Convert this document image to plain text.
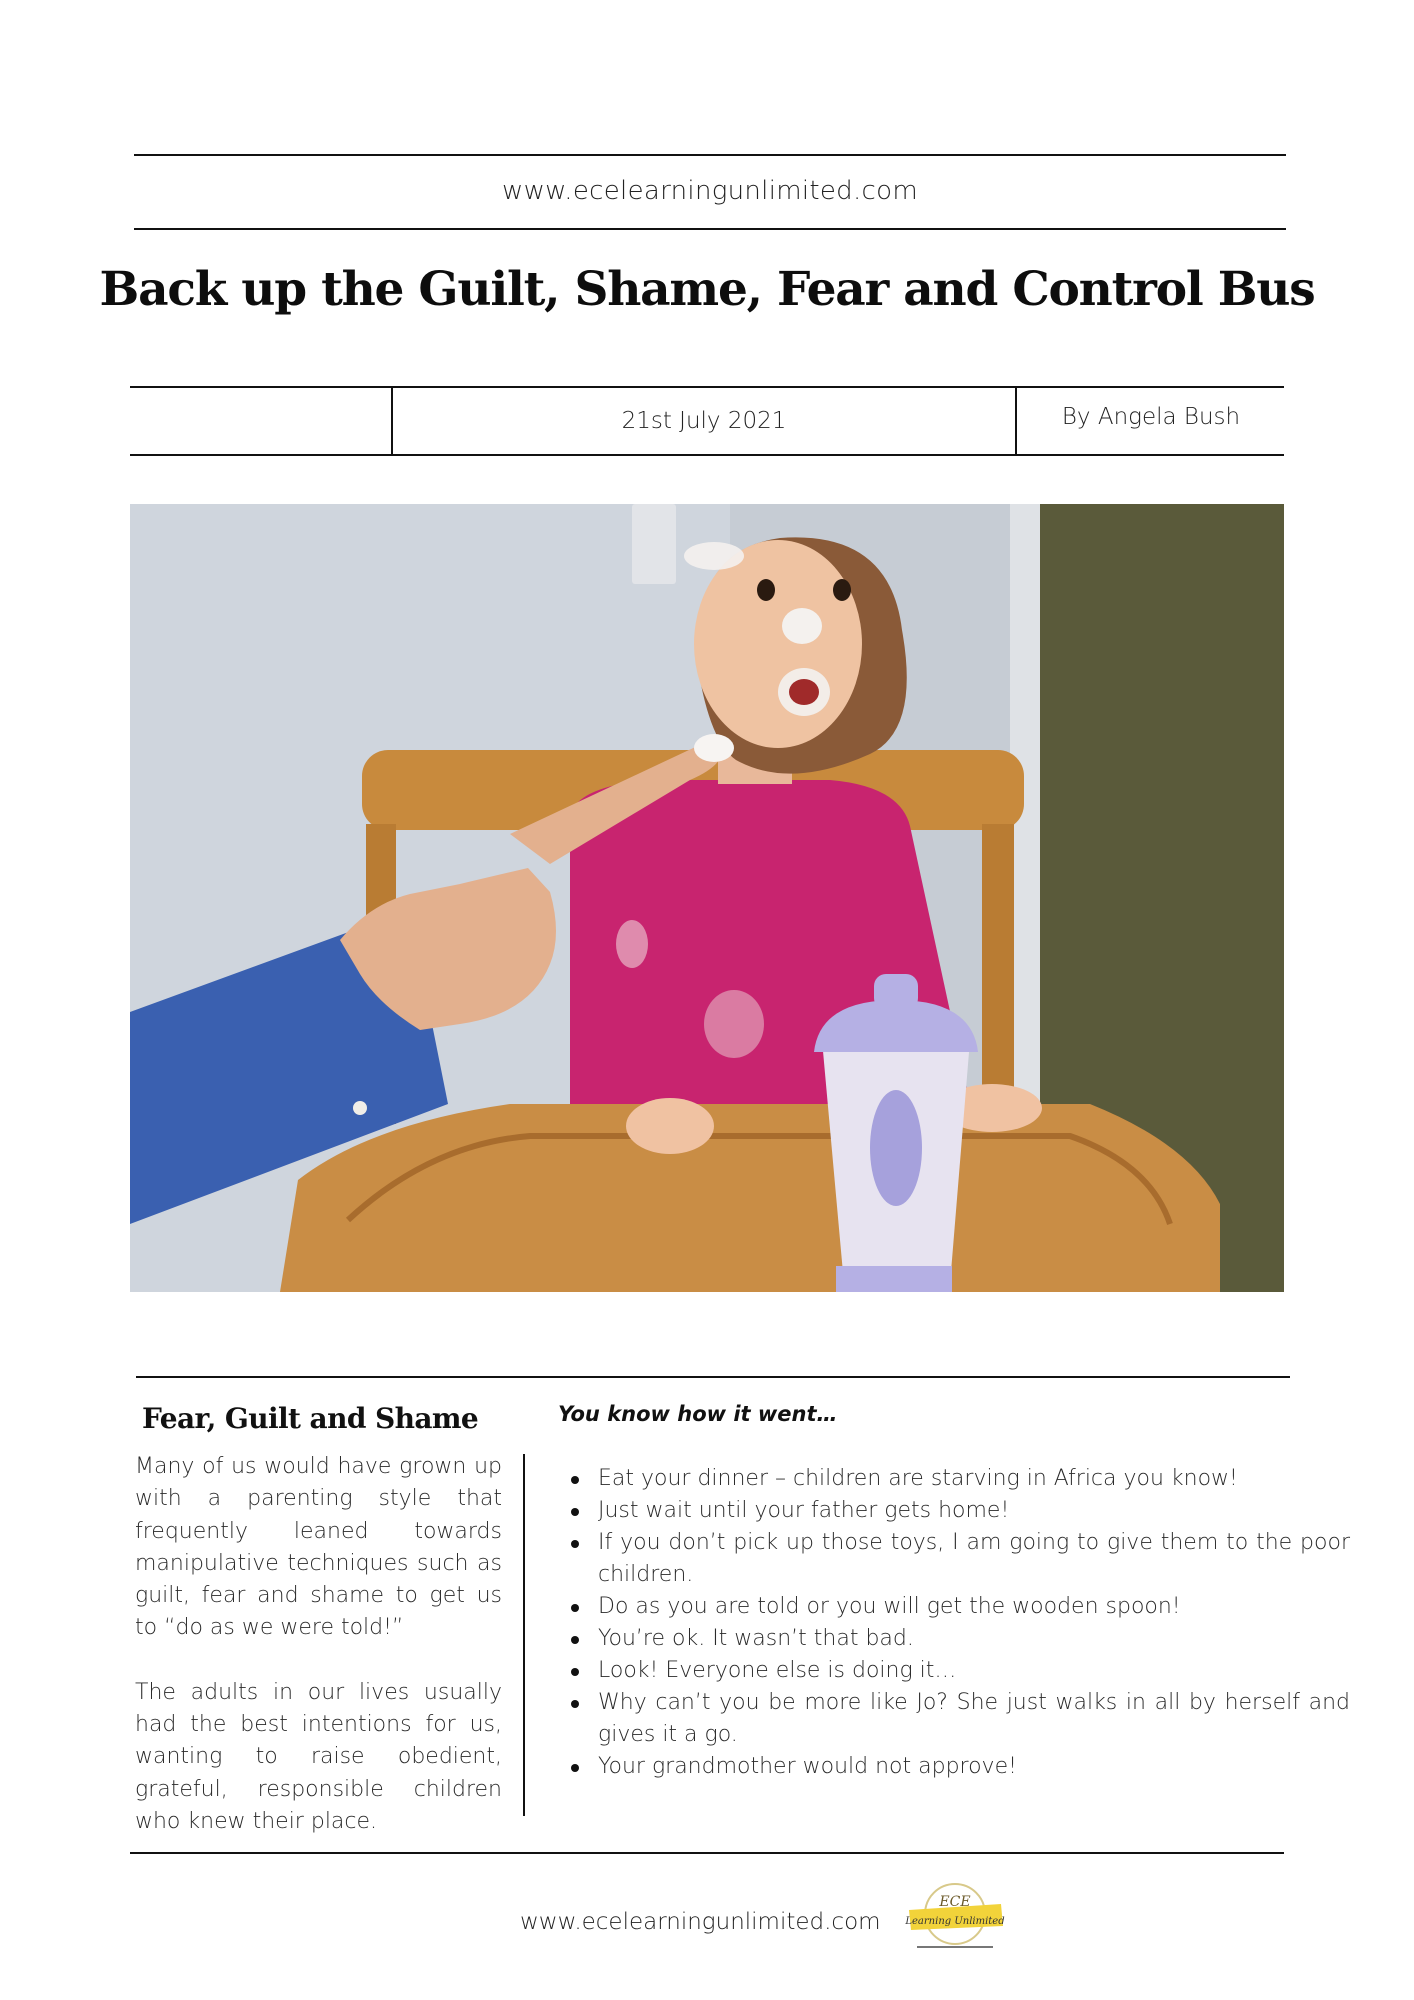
www.ecelearningunlimited.com
Back up the Guilt, Shame, Fear and Control Bus
21st July 2021	By Angela Bush
Fear, Guilt and Shame	You know how it went…

Many of us would have grown up with a parenting style that frequently leaned towards manipulative techniques such as guilt, fear and shame to get us to “do as we were told!”

The adults in our lives usually had the best intentions for us, wanting to raise obedient, grateful, responsible children who knew their place.

Eat your dinner – children are starving in Africa you know!
Just wait until your father gets home!
If you don’t pick up those toys, I am going to give them to the poor children.
Do as you are told or you will get the wooden spoon!
You’re ok. It wasn’t that bad.
Look! Everyone else is doing it…
Why can’t you be more like Jo? She just walks in all by herself and gives it a go.
Your grandmother would not approve!
www.ecelearningunlimited.com
ECE
Learning Unlimited
